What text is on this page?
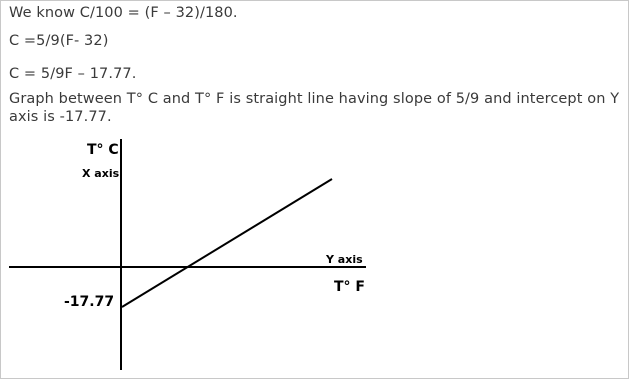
We know C/100 = (F – 32)/180.

C =5/9(F- 32)

C = 5/9F – 17.77.

Graph between T° C and T° F is straight line having slope of 5/9 and intercept on Y

axis is -17.77.

T° C
X axis
Y axis
T° F
-17.77
